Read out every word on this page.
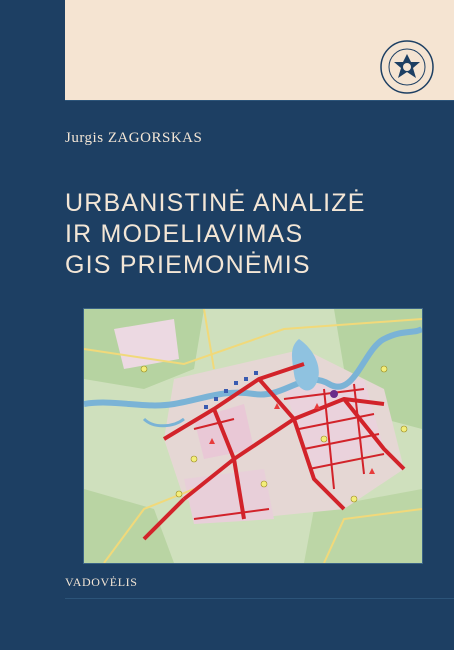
Jurgis ZAGORSKAS
URBANISTINĖ ANALIZĖ
IR MODELIAVIMAS
GIS PRIEMONĖMIS
VADOVĖLIS
